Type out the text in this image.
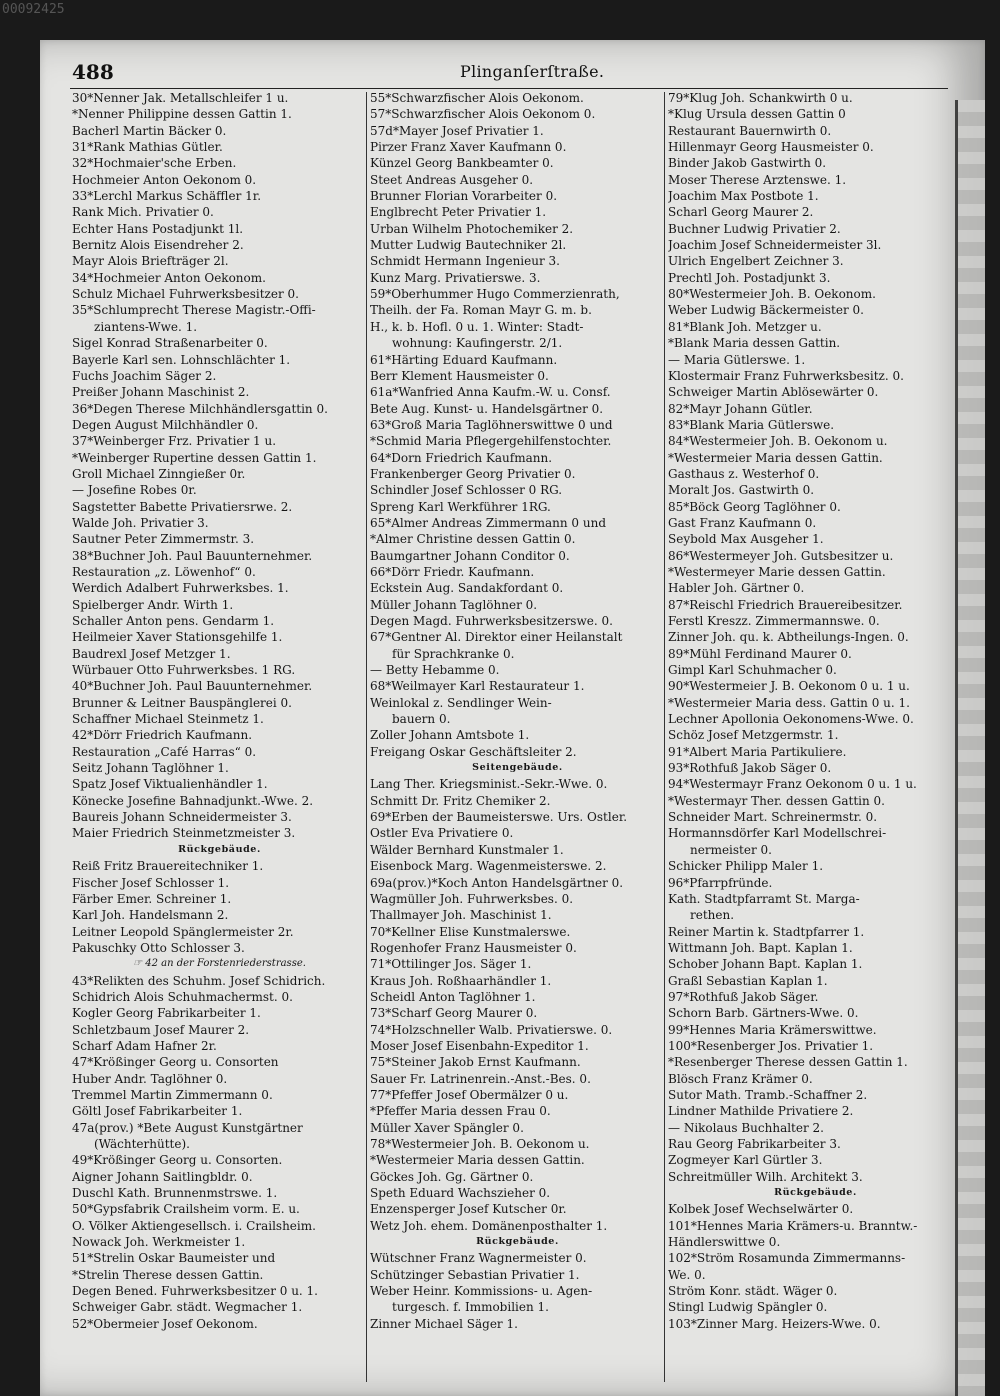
00092425
488	Plinganſerſtraße.
30*Nenner Jak. Metallschleifer 1 u.
*Nenner Philippine dessen Gattin 1.
Bacherl Martin Bäcker 0.
31*Rank Mathias Gütler.
32*Hochmaier'sche Erben.
Hochmeier Anton Oekonom 0.
33*Lerchl Markus Schäffler 1r.
Rank Mich. Privatier 0.
Echter Hans Postadjunkt 1l.
Bernitz Alois Eisendreher 2.
Mayr Alois Briefträger 2l.
34*Hochmeier Anton Oekonom.
Schulz Michael Fuhrwerksbesitzer 0.
35*Schlumprecht Therese Magistr.-Offi-
ziantens-Wwe. 1.
Sigel Konrad Straßenarbeiter 0.
Bayerle Karl sen. Lohnschlächter 1.
Fuchs Joachim Säger 2.
Preißer Johann Maschinist 2.
36*Degen Therese Milchhändlersgattin 0.
Degen August Milchhändler 0.
37*Weinberger Frz. Privatier 1 u.
*Weinberger Rupertine dessen Gattin 1.
Groll Michael Zinngießer 0r.
— Josefine Robes 0r.
Sagstetter Babette Privatiersrwe. 2.
Walde Joh. Privatier 3.
Sautner Peter Zimmermstr. 3.
38*Buchner Joh. Paul Bauunternehmer.
Restauration „z. Löwenhof“ 0.
Werdich Adalbert Fuhrwerksbes. 1.
Spielberger Andr. Wirth 1.
Schaller Anton pens. Gendarm 1.
Heilmeier Xaver Stationsgehilfe 1.
Baudrexl Josef Metzger 1.
Würbauer Otto Fuhrwerksbes. 1 RG.
40*Buchner Joh. Paul Bauunternehmer.
Brunner & Leitner Bauspänglerei 0.
Schaffner Michael Steinmetz 1.
42*Dörr Friedrich Kaufmann.
Restauration „Café Harras“ 0.
Seitz Johann Taglöhner 1.
Spatz Josef Viktualienhändler 1.
Könecke Josefine Bahnadjunkt.-Wwe. 2.
Baureis Johann Schneidermeister 3.
Maier Friedrich Steinmetzmeister 3.
Rückgebäude.
Reiß Fritz Brauereitechniker 1.
Fischer Josef Schlosser 1.
Färber Emer. Schreiner 1.
Karl Joh. Handelsmann 2.
Leitner Leopold Spänglermeister 2r.
Pakuschky Otto Schlosser 3.
☞ 42 an der Forstenriederstrasse.
43*Relikten des Schuhm. Josef Schidrich.
Schidrich Alois Schuhmachermst. 0.
Kogler Georg Fabrikarbeiter 1.
Schletzbaum Josef Maurer 2.
Scharf Adam Hafner 2r.
47*Krößinger Georg u. Consorten
Huber Andr. Taglöhner 0.
Tremmel Martin Zimmermann 0.
Göltl Josef Fabrikarbeiter 1.
47a(prov.) *Bete August Kunstgärtner
(Wächterhütte).
49*Krößinger Georg u. Consorten.
Aigner Johann Saitlingbldr. 0.
Duschl Kath. Brunnenmstrswe. 1.
50*Gypsfabrik Crailsheim vorm. E. u.
O. Völker Aktiengesellsch. i. Crailsheim.
Nowack Joh. Werkmeister 1.
51*Strelin Oskar Baumeister und
*Strelin Therese dessen Gattin.
Degen Bened. Fuhrwerksbesitzer 0 u. 1.
Schweiger Gabr. städt. Wegmacher 1.
52*Obermeier Josef Oekonom.
55*Schwarzfischer Alois Oekonom.
57*Schwarzfischer Alois Oekonom 0.
57d*Mayer Josef Privatier 1.
Pirzer Franz Xaver Kaufmann 0.
Künzel Georg Bankbeamter 0.
Steet Andreas Ausgeher 0.
Brunner Florian Vorarbeiter 0.
Englbrecht Peter Privatier 1.
Urban Wilhelm Photochemiker 2.
Mutter Ludwig Bautechniker 2l.
Schmidt Hermann Ingenieur 3.
Kunz Marg. Privatierswe. 3.
59*Oberhummer Hugo Commerzienrath,
Theilh. der Fa. Roman Mayr G. m. b.
H., k. b. Hofl. 0 u. 1. Winter: Stadt-
wohnung: Kaufingerstr. 2/1.
61*Härting Eduard Kaufmann.
Berr Klement Hausmeister 0.
61a*Wanfried Anna Kaufm.-W. u. Consf.
Bete Aug. Kunst- u. Handelsgärtner 0.
63*Groß Maria Taglöhnerswittwe 0 und
*Schmid Maria Pflegergehilfenstochter.
64*Dorn Friedrich Kaufmann.
Frankenberger Georg Privatier 0.
Schindler Josef Schlosser 0 RG.
Spreng Karl Werkführer 1RG.
65*Almer Andreas Zimmermann 0 und
*Almer Christine dessen Gattin 0.
Baumgartner Johann Conditor 0.
66*Dörr Friedr. Kaufmann.
Eckstein Aug. Sandakfordant 0.
Müller Johann Taglöhner 0.
Degen Magd. Fuhrwerksbesitzerswe. 0.
67*Gentner Al. Direktor einer Heilanstalt
für Sprachkranke 0.
— Betty Hebamme 0.
68*Weilmayer Karl Restaurateur 1.
Weinlokal z. Sendlinger Wein-
bauern 0.
Zoller Johann Amtsbote 1.
Freigang Oskar Geschäftsleiter 2.
Seitengebäude.
Lang Ther. Kriegsminist.-Sekr.-Wwe. 0.
Schmitt Dr. Fritz Chemiker 2.
69*Erben der Baumeisterswe. Urs. Ostler.
Ostler Eva Privatiere 0.
Wälder Bernhard Kunstmaler 1.
Eisenbock Marg. Wagenmeisterswe. 2.
69a(prov.)*Koch Anton Handelsgärtner 0.
Wagmüller Joh. Fuhrwerksbes. 0.
Thallmayer Joh. Maschinist 1.
70*Kellner Elise Kunstmalerswe.
Rogenhofer Franz Hausmeister 0.
71*Ottilinger Jos. Säger 1.
Kraus Joh. Roßhaarhändler 1.
Scheidl Anton Taglöhner 1.
73*Scharf Georg Maurer 0.
74*Holzschneller Walb. Privatierswe. 0.
Moser Josef Eisenbahn-Expeditor 1.
75*Steiner Jakob Ernst Kaufmann.
Sauer Fr. Latrinenrein.-Anst.-Bes. 0.
77*Pfeffer Josef Obermälzer 0 u.
*Pfeffer Maria dessen Frau 0.
Müller Xaver Spängler 0.
78*Westermeier Joh. B. Oekonom u.
*Westermeier Maria dessen Gattin.
Göckes Joh. Gg. Gärtner 0.
Speth Eduard Wachszieher 0.
Enzensperger Josef Kutscher 0r.
Wetz Joh. ehem. Domänenposthalter 1.
Rückgebäude.
Wütschner Franz Wagnermeister 0.
Schützinger Sebastian Privatier 1.
Weber Heinr. Kommissions- u. Agen-
turgesch. f. Immobilien 1.
Zinner Michael Säger 1.
79*Klug Joh. Schankwirth 0 u.
*Klug Ursula dessen Gattin 0
Restaurant Bauernwirth 0.
Hillenmayr Georg Hausmeister 0.
Binder Jakob Gastwirth 0.
Moser Therese Arztenswe. 1.
Joachim Max Postbote 1.
Scharl Georg Maurer 2.
Buchner Ludwig Privatier 2.
Joachim Josef Schneidermeister 3l.
Ulrich Engelbert Zeichner 3.
Prechtl Joh. Postadjunkt 3.
80*Westermeier Joh. B. Oekonom.
Weber Ludwig Bäckermeister 0.
81*Blank Joh. Metzger u.
*Blank Maria dessen Gattin.
— Maria Gütlerswe. 1.
Klostermair Franz Fuhrwerksbesitz. 0.
Schweiger Martin Ablösewärter 0.
82*Mayr Johann Gütler.
83*Blank Maria Gütlerswe.
84*Westermeier Joh. B. Oekonom u.
*Westermeier Maria dessen Gattin.
Gasthaus z. Westerhof 0.
Moralt Jos. Gastwirth 0.
85*Böck Georg Taglöhner 0.
Gast Franz Kaufmann 0.
Seybold Max Ausgeher 1.
86*Westermeyer Joh. Gutsbesitzer u.
*Westermeyer Marie dessen Gattin.
Habler Joh. Gärtner 0.
87*Reischl Friedrich Brauereibesitzer.
Ferstl Kreszz. Zimmermannswe. 0.
Zinner Joh. qu. k. Abtheilungs-Ingen. 0.
89*Mühl Ferdinand Maurer 0.
Gimpl Karl Schuhmacher 0.
90*Westermeier J. B. Oekonom 0 u. 1 u.
*Westermeier Maria dess. Gattin 0 u. 1.
Lechner Apollonia Oekonomens-Wwe. 0.
Schöz Josef Metzgermstr. 1.
91*Albert Maria Partikuliere.
93*Rothfuß Jakob Säger 0.
94*Westermayr Franz Oekonom 0 u. 1 u.
*Westermayr Ther. dessen Gattin 0.
Schneider Mart. Schreinermstr. 0.
Hormannsdörfer Karl Modellschrei-
nermeister 0.
Schicker Philipp Maler 1.
96*Pfarrpfründe.
Kath. Stadtpfarramt St. Marga-
rethen.
Reiner Martin k. Stadtpfarrer 1.
Wittmann Joh. Bapt. Kaplan 1.
Schober Johann Bapt. Kaplan 1.
Graßl Sebastian Kaplan 1.
97*Rothfuß Jakob Säger.
Schorn Barb. Gärtners-Wwe. 0.
99*Hennes Maria Krämerswittwe.
100*Resenberger Jos. Privatier 1.
*Resenberger Therese dessen Gattin 1.
Blösch Franz Krämer 0.
Sutor Math. Tramb.-Schaffner 2.
Lindner Mathilde Privatiere 2.
— Nikolaus Buchhalter 2.
Rau Georg Fabrikarbeiter 3.
Zogmeyer Karl Gürtler 3.
Schreitmüller Wilh. Architekt 3.
Rückgebäude.
Kolbek Josef Wechselwärter 0.
101*Hennes Maria Krämers-u. Branntw.-
Händlerswittwe 0.
102*Ström Rosamunda Zimmermanns-
We. 0.
Ström Konr. städt. Wäger 0.
Stingl Ludwig Spängler 0.
103*Zinner Marg. Heizers-Wwe. 0.
